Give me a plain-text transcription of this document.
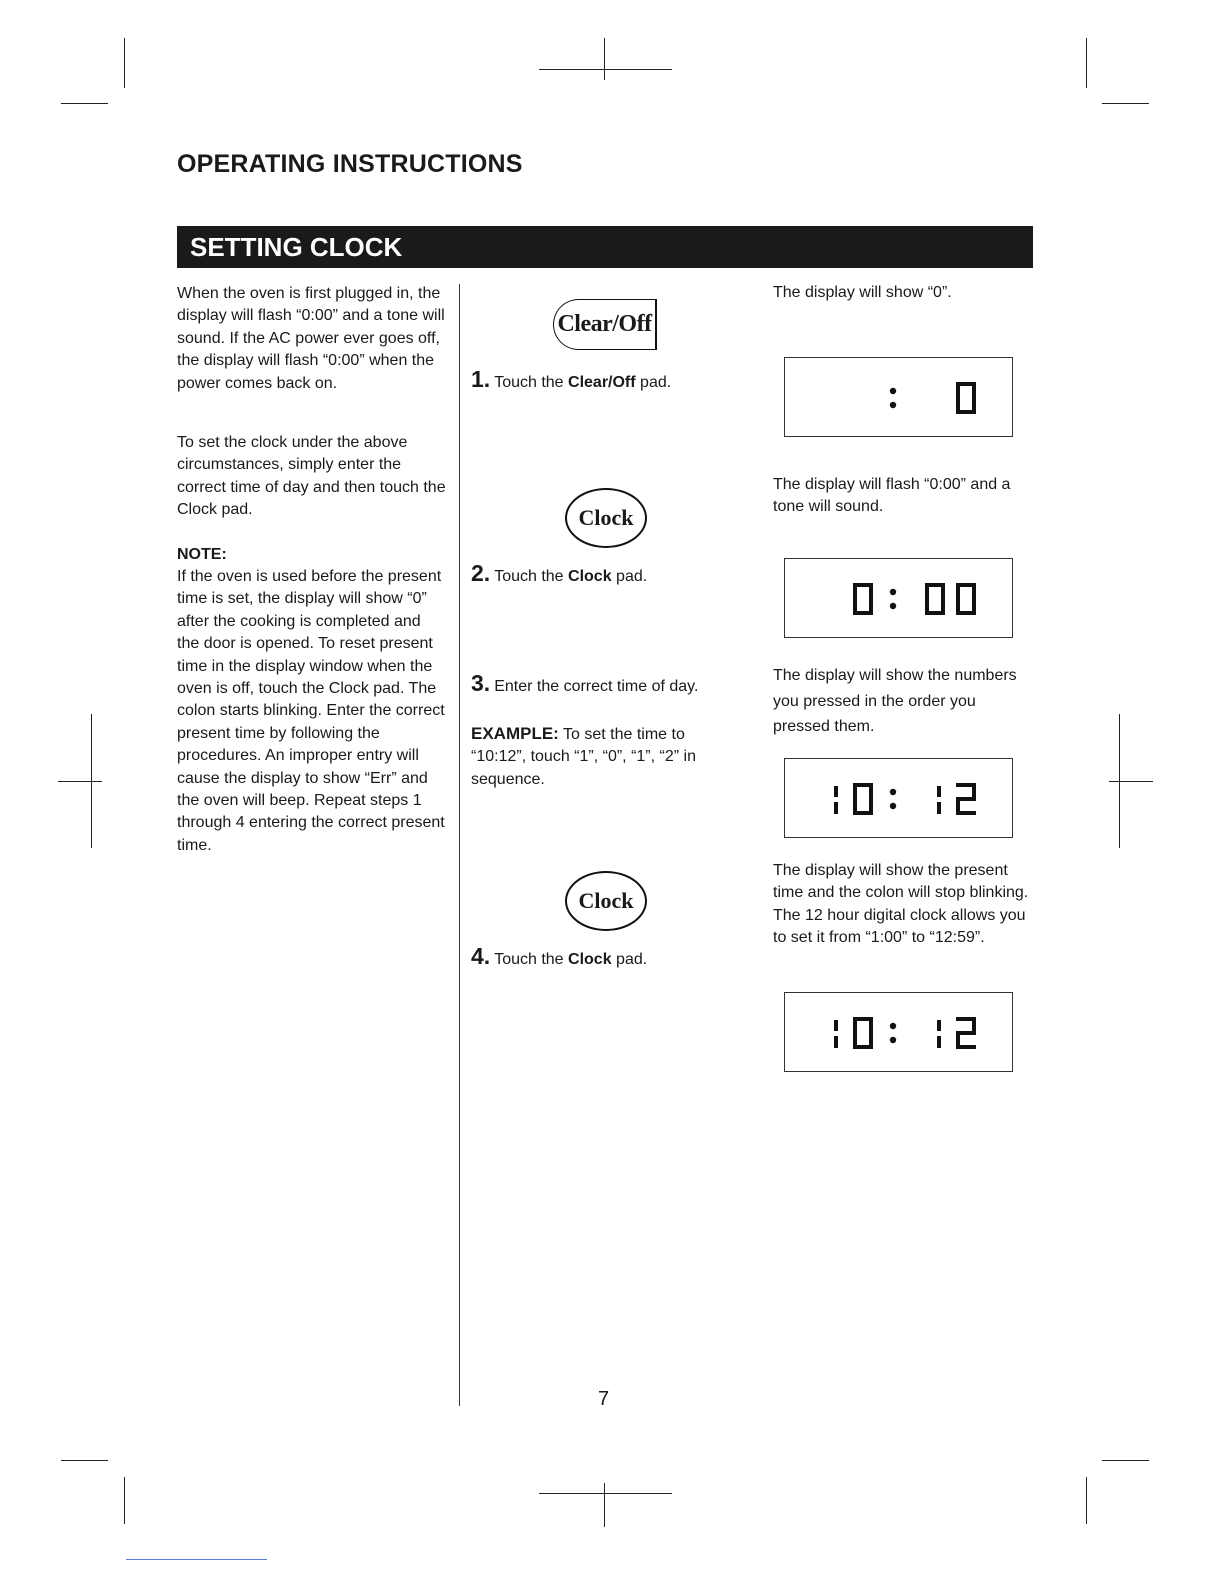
OPERATING INSTRUCTIONS
SETTING CLOCK
When the oven is first plugged in, the display will flash “0:00” and a tone will sound. If the AC power ever goes off, the display will flash “0:00” when the power comes back on.
To set the clock under the above circumstances, simply enter the correct time of day and then touch the Clock pad.
NOTE:
If the oven is used before the present time is set, the display will show “0” after the cooking is completed and the door is opened. To reset present time in the display window when the oven is off, touch the Clock pad. The colon starts blinking. Enter the correct present time by following the procedures. An improper entry will cause the display to show “Err” and the oven will beep. Repeat steps 1 through 4 entering the correct present time.
Clear/Off
Clock
Clock
1. Touch the Clear/Off pad.
2. Touch the Clock pad.
3. Enter the correct time of day.
EXAMPLE: To set the time to “10:12”, touch “1”, “0”, “1”, “2” in sequence.
4. Touch the Clock pad.
The display will show “0”.
The display will flash “0:00” and a tone will sound.
The display will show the numbers you pressed in the order you pressed them.
The display will show the present time and the colon will stop blinking. The 12 hour digital clock allows you to set it from “1:00” to “12:59”.
7
